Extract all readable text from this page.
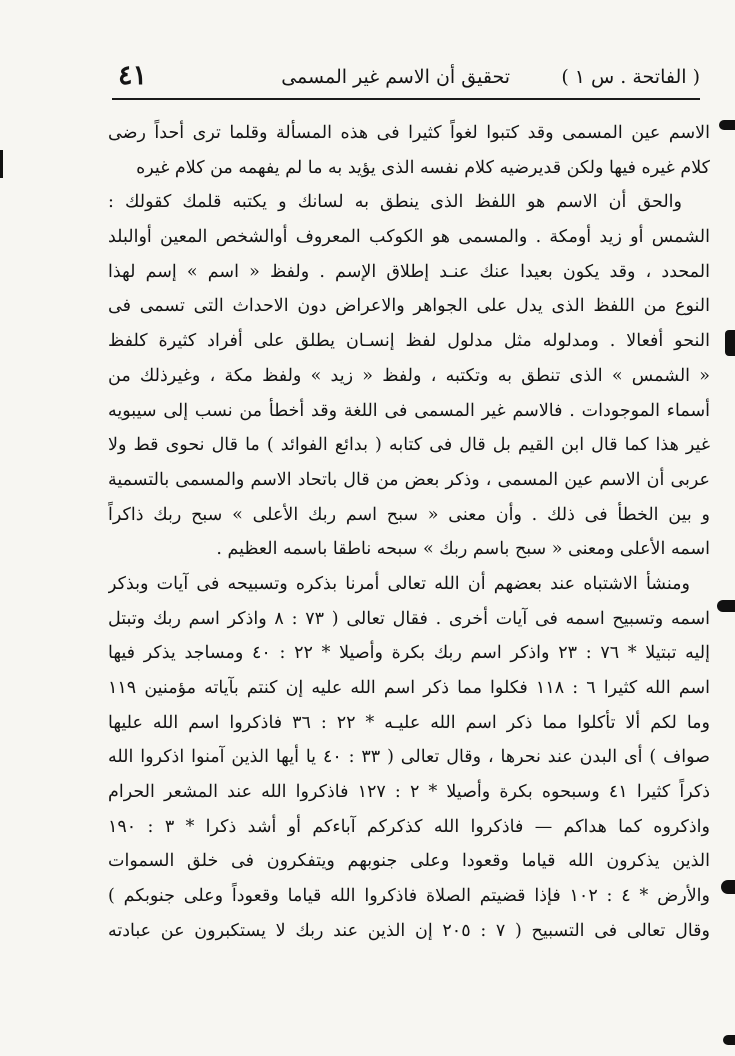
( الفاتحة . س ١ )
تحقيق أن الاسم غير المسمى
٤١
الاسم عين المسمى وقد كتبوا لغواً كثيرا فى هذه المسألة وقلما ترى أحداً رضى
كلام غيره فيها ولكن قديرضيه كلام نفسه الذى يؤيد به ما لم يفهمه من كلام غيره
والحق أن الاسم هو اللفظ الذى ينطق به لسانك و يكتبه قلمك كقولك :
الشمس أو زيد أومكة . والمسمى هو الكوكب المعروف أوالشخص المعين أوالبلد
المحدد ، وقد يكون بعيدا عنك عنـد إطلاق الإسم . ولفظ « اسم » إسم لهذا
النوع من اللفظ الذى يدل على الجواهر والاعراض دون الاحداث التى تسمى فى
النحو أفعالا . ومدلوله مثل مدلول لفظ إنسـان يطلق على أفراد كثيرة كلفظ
« الشمس » الذى تنطق به وتكتبه ، ولفظ « زيد » ولفظ مكة ، وغيرذلك من
أسماء الموجودات . فالاسم غير المسمى فى اللغة وقد أخطأ من نسب إلى سيبويه
غير هذا كما قال ابن القيم بل قال فى كتابه ( بدائع الفوائد ) ما قال نحوى قط ولا
عربى أن الاسم عين المسمى ، وذكر بعض من قال باتحاد الاسم والمسمى بالتسمية
و بين الخطأ فى ذلك . وأن معنى « سبح اسم ربك الأعلى » سبح ربك ذاكراً
اسمه الأعلى ومعنى « سبح باسم ربك » سبحه ناطقا باسمه العظيم .
ومنشأ الاشتباه عند بعضهم أن الله تعالى أمرنا بذكره وتسبيحه فى آيات وبذكر
اسمه وتسبيح اسمه فى آيات أخرى . فقال تعالى ( ٧٣ : ٨ واذكر اسم ربك وتبتل
إليه تبتيلا * ٧٦ : ٢٣ واذكر اسم ربك بكرة وأصيلا * ٢٢ : ٤٠ ومساجد يذكر فيها
اسم الله كثيرا ٦ : ١١٨ فكلوا مما ذكر اسم الله عليه إن كنتم بآياته مؤمنين ١١٩
وما لكم ألا تأكلوا مما ذكر اسم الله عليـه * ٢٢ : ٣٦ فاذكروا اسم الله عليها
صواف ) أى البدن عند نحرها ، وقال تعالى ( ٣٣ : ٤٠ يا أيها الذين آمنوا اذكروا الله
ذكراً كثيرا ٤١ وسبحوه بكرة وأصيلا * ٢ : ١٢٧ فاذكروا الله عند المشعر الحرام
واذكروه كما هداكم — فاذكروا الله كذكركم آباءكم أو أشد ذكرا * ٣ : ١٩٠
الذين يذكرون الله قياما وقعودا وعلى جنوبهم ويتفكرون فى خلق السموات
والأرض * ٤ : ١٠٢ فإذا قضيتم الصلاة فاذكروا الله قياما وقعوداً وعلى جنوبكم )
وقال تعالى فى التسبيح ( ٧ : ٢٠٥ إن الذين عند ربك لا يستكبرون عن عبادته
